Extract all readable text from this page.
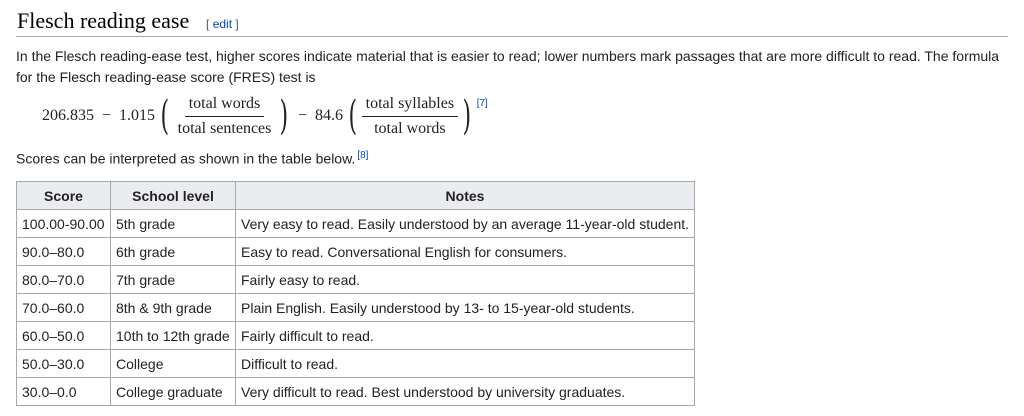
Flesch reading ease [ edit ]
In the Flesch reading-ease test, higher scores indicate material that is easier to read; lower numbers mark passages that are more difficult to read. The formula for the Flesch reading-ease score (FRES) test is
206.835 − 1.015 ( $\frac{\text{total words}}{\text{total sentences}}$ ) − 84.6 ( $\frac{\text{total syllables}}{\text{total words}}$ ) [7]
Scores can be interpreted as shown in the table below. [8]
Score	School level	Notes
100.00-90.00	5th grade	Very easy to read. Easily understood by an average 11-year-old student.
90.0–80.0	6th grade	Easy to read. Conversational English for consumers.
80.0–70.0	7th grade	Fairly easy to read.
70.0–60.0	8th & 9th grade	Plain English. Easily understood by 13- to 15-year-old students.
60.0–50.0	10th to 12th grade	Fairly difficult to read.
50.0–30.0	College	Difficult to read.
30.0–0.0	College graduate	Very difficult to read. Best understood by university graduates.
